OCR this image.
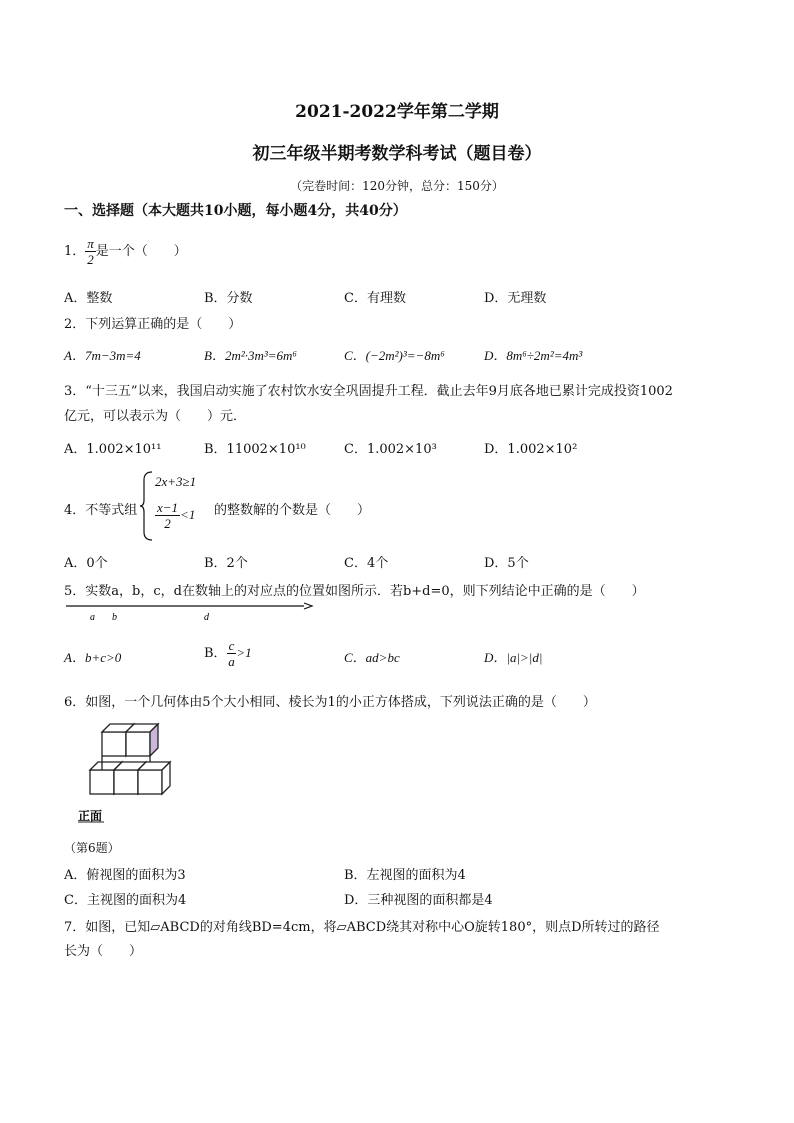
2021-2022学年第二学期
初三年级半期考数学科考试（题目卷）
（完卷时间：120分钟，总分：150分）
一、选择题（本大题共10小题，每小题4分，共40分）
1． $\frac{\pi}{2}$ 是一个（　　）
A．整数	B．分数	C．有理数	D．无理数
2．下列运算正确的是（　　）
A．7m−3m=4	B．2m²·3m³=6m⁶	C．(−2m²)³=−8m⁶	D．8m⁶÷2m²=4m³
3．“十三五”以来，我国启动实施了农村饮水安全巩固提升工程．截止去年9月底各地已累计完成投资1002
亿元，可以表示为（　　）元．
A．1.002×10¹¹	B．11002×10¹⁰	C．1.002×10³	D．1.002×10²
4．不等式组
2x+3≥1
$\frac{x-1}{2} <1$ 的整数解的个数是（　　）
A．0个	B．2个	C．4个	D．5个
5．实数a，b，c，d在数轴上的对应点的位置如图所示．若b+d=0，则下列结论中正确的是（　　）
a b	d
A．b+c>0	B． $\frac{c}{a} >1$	C．ad>bc	D．|a|>|d|
6．如图，一个几何体由5个大小相同、棱长为1的小正方体搭成，下列说法正确的是（　　）
正面
（第6题）
A．俯视图的面积为3	B．左视图的面积为4
C．主视图的面积为4	D．三种视图的面积都是4
7．如图，已知▱ABCD的对角线BD=4cm，将▱ABCD绕其对称中心O旋转180°，则点D所转过的路径
长为（　　）
